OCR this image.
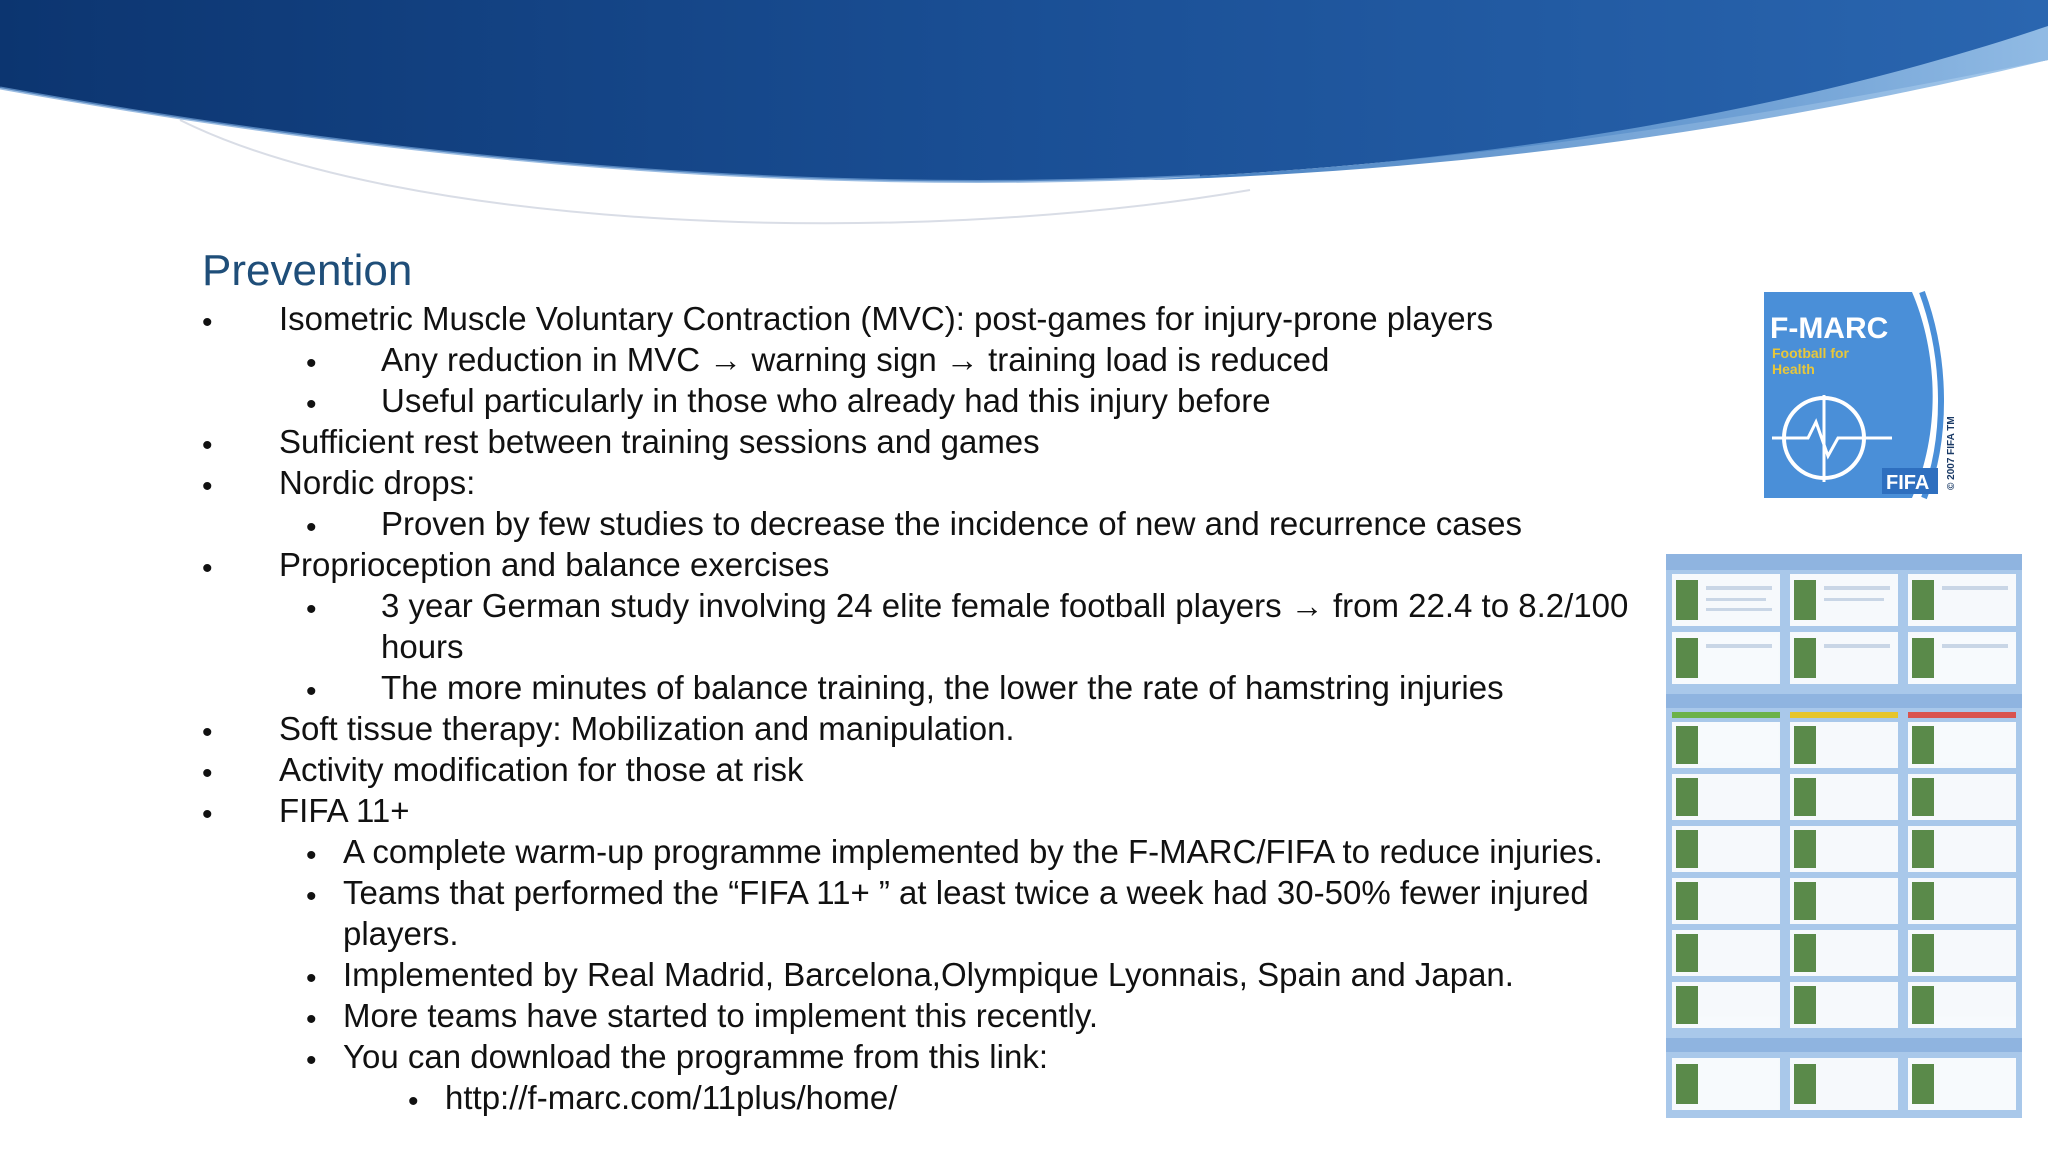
Prevention
• Isometric Muscle Voluntary Contraction (MVC): post-games for injury-prone players
• Any reduction in MVC → warning sign → training load is reduced
• Useful particularly in those who already had this injury before
• Sufficient rest between training sessions and games
• Nordic drops:
• Proven by few studies to decrease the incidence of new and recurrence cases
• Proprioception and balance exercises
• 3 year German study involving 24 elite female football players → from 22.4 to 8.2/100
hours
• The more minutes of balance training, the lower the rate of hamstring injuries
• Soft tissue therapy: Mobilization and manipulation.
• Activity modification for those at risk
• FIFA 11+
• A complete warm-up programme implemented by the F-MARC/FIFA to reduce injuries.
• Teams that performed the “FIFA 11+ ” at least twice a week had 30-50% fewer injured
players.
• Implemented by Real Madrid, Barcelona,Olympique Lyonnais, Spain and Japan.
• More teams have started to implement this recently.
• You can download the programme from this link:
• http://f-marc.com/11plus/home/
F-MARC
Football for
Health
FIFA © 2007 FIFA TM
